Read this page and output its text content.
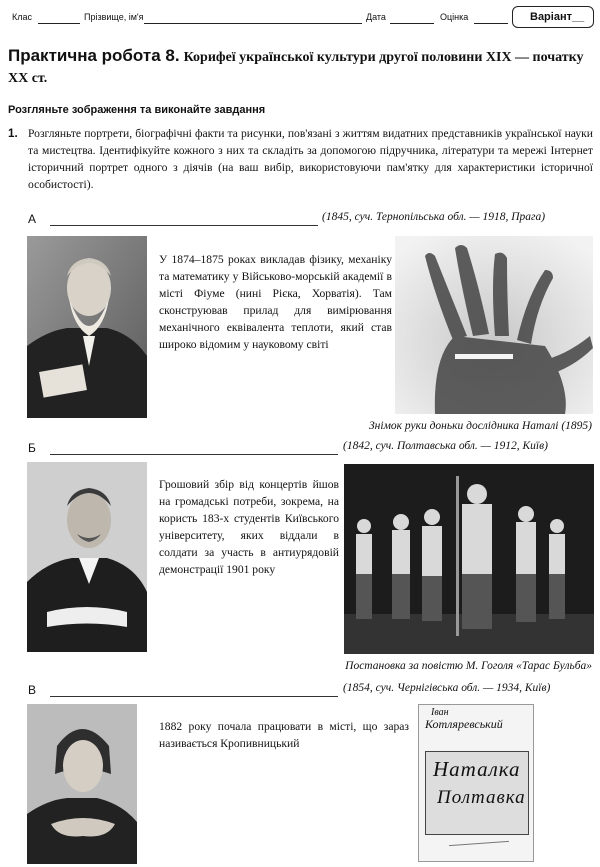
Клас	Прізвище, ім'я	Дата	Оцінка	Варіант__
Практична робота 8. Корифеї української культури другої половини XIX — початку XX ст.
Розгляньте зображення та виконайте завдання
1. Розгляньте портрети, біографічні факти та рисунки, пов'язані з життям видатних представників української науки та мистецтва. Ідентифікуйте кожного з них та складіть за допомогою підручника, літератури та мережі Інтернет історичний портрет одного з діячів (на ваш вибір, використовуючи пам'ятку для характеристики історичної особистості).
А	(1845, суч. Тернопільська обл. — 1918, Прага)
У 1874–1875 роках викладав фізику, механіку та математику у Військово-морській академії в місті Фіуме (нині Рієка, Хорватія). Там сконструював прилад для вимірювання механічного еквівалента теплоти, який став широко відомим у науковому світі
Знімок руки доньки дослідника Наталі (1895)
Б	(1842, суч. Полтавська обл. — 1912, Київ)
Грошовий збір від концертів йшов на громадські потреби, зокрема, на користь 183-х студентів Київського університету, яких віддали в солдати за участь в антиурядовій демонстрації 1901 року
Постановка за повістю М. Гоголя «Тарас Бульба»
В	(1854, суч. Чернігівська обл. — 1934, Київ)
1882 року почала працювати в місті, що зараз називається Кропивницький
Іван
Котляревський
Наталка
Полтавка
